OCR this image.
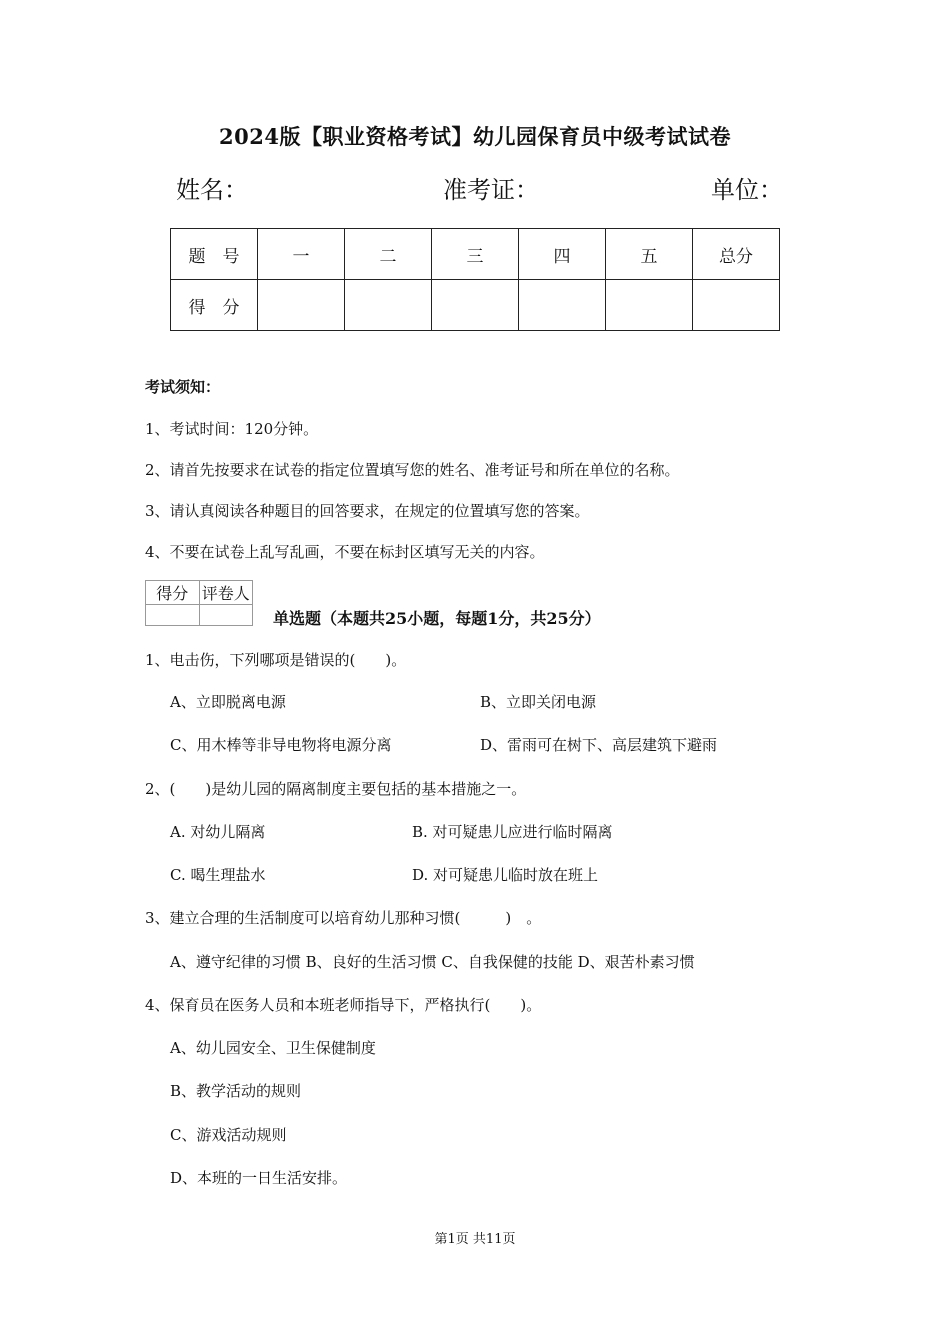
2024版【职业资格考试】幼儿园保育员中级考试试卷
姓名：	准考证：	单位：
题　号	一	二	三	四	五	总分
得　分						
考试须知：
1、考试时间：120分钟。
2、请首先按要求在试卷的指定位置填写您的姓名、准考证号和所在单位的名称。
3、请认真阅读各种题目的回答要求，在规定的位置填写您的答案。
4、不要在试卷上乱写乱画，不要在标封区填写无关的内容。
得分	评卷人

单选题（本题共25小题，每题1分，共25分）
1、电击伤，下列哪项是错误的(　　)。
A、立即脱离电源	B、立即关闭电源
C、用木棒等非导电物将电源分离	D、雷雨可在树下、高层建筑下避雨
2、(　　)是幼儿园的隔离制度主要包括的基本措施之一。
A. 对幼儿隔离	B. 对可疑患儿应进行临时隔离
C. 喝生理盐水	D. 对可疑患儿临时放在班上
3、建立合理的生活制度可以培育幼儿那种习惯(　　　)　。
A、遵守纪律的习惯 B、良好的生活习惯 C、自我保健的技能 D、艰苦朴素习惯
4、保育员在医务人员和本班老师指导下，严格执行(　　)。
A、幼儿园安全、卫生保健制度
B、教学活动的规则
C、游戏活动规则
D、本班的一日生活安排。
第1页 共11页
